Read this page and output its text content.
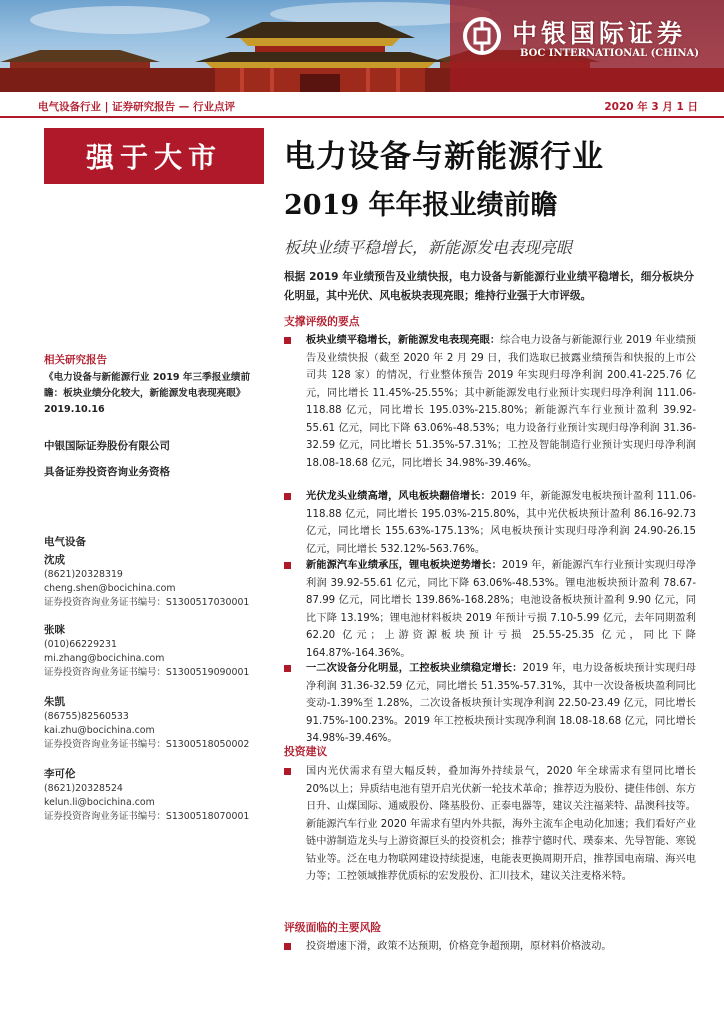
中银国际证券
BOC INTERNATIONAL (CHINA)
电气设备行业 | 证券研究报告 — 行业点评	2020 年 3 月 1 日
强于大市	电力设备与新能源行业
2019 年年报业绩前瞻
板块业绩平稳增长，新能源发电表现亮眼
根据 2019 年业绩预告及业绩快报，电力设备与新能源行业业绩平稳增长，细分板块分化明显，其中光伏、风电板块表现亮眼；维持行业强于大市评级。
相关研究报告
《电力设备与新能源行业 2019 年三季报业绩前瞻：板块业绩分化较大，新能源发电表现亮眼》2019.10.16
中银国际证券股份有限公司
具备证券投资咨询业务资格
电气设备
沈成
(8621)20328319
cheng.shen@bocichina.com
证券投资咨询业务证书编号：S1300517030001
张咪
(010)66229231
mi.zhang@bocichina.com
证券投资咨询业务证书编号：S1300519090001
朱凯
(86755)82560533
kai.zhu@bocichina.com
证券投资咨询业务证书编号：S1300518050002
李可伦
(8621)20328524
kelun.li@bocichina.com
证券投资咨询业务证书编号：S1300518070001
支撑评级的要点
板块业绩平稳增长，新能源发电表现亮眼：综合电力设备与新能源行业 2019 年业绩预告及业绩快报（截至 2020 年 2 月 29 日，我们选取已披露业绩预告和快报的上市公司共 128 家）的情况，行业整体预告 2019 年实现归母净利润 200.41-225.76 亿元，同比增长 11.45%-25.55%；其中新能源发电行业预计实现归母净利润 111.06-118.88 亿元，同比增长 195.03%-215.80%；新能源汽车行业预计盈利 39.92-55.61 亿元，同比下降 63.06%-48.53%；电力设备行业预计实现归母净利润 31.36-32.59 亿元，同比增长 51.35%-57.31%；工控及智能制造行业预计实现归母净利润 18.08-18.68 亿元，同比增长 34.98%-39.46%。
光伏龙头业绩高增，风电板块翻倍增长：2019 年，新能源发电板块预计盈利 111.06-118.88 亿元，同比增长 195.03%-215.80%，其中光伏板块预计盈利 86.16-92.73 亿元，同比增长 155.63%-175.13%；风电板块预计实现归母净利润 24.90-26.15 亿元，同比增长 532.12%-563.76%。
新能源汽车业绩承压，锂电板块逆势增长：2019 年，新能源汽车行业预计实现归母净利润 39.92-55.61 亿元，同比下降 63.06%-48.53%。锂电池板块预计盈利 78.67-87.99 亿元，同比增长 139.86%-168.28%；电池设备板块预计盈利 9.90 亿元，同比下降 13.19%；锂电池材料板块 2019 年预计亏损 7.10-5.99 亿元，去年同期盈利 62.20 亿元；上游资源板块预计亏损 25.55-25.35 亿元，同比下降 164.87%-164.36%。
一二次设备分化明显，工控板块业绩稳定增长：2019 年，电力设备板块预计实现归母净利润 31.36-32.59 亿元，同比增长 51.35%-57.31%，其中一次设备板块盈利同比变动-1.39%至 1.28%，二次设备板块预计实现净利润 22.50-23.49 亿元，同比增长 91.75%-100.23%。2019 年工控板块预计实现净利润 18.08-18.68 亿元，同比增长 34.98%-39.46%。
投资建议
国内光伏需求有望大幅反转，叠加海外持续景气，2020 年全球需求有望同比增长 20%以上；异质结电池有望开启光伏新一轮技术革命；推荐迈为股份、捷佳伟创、东方日升、山煤国际、通威股份、隆基股份、正泰电器等，建议关注福莱特、晶澳科技等。新能源汽车行业 2020 年需求有望内外共振，海外主流车企电动化加速；我们看好产业链中游制造龙头与上游资源巨头的投资机会；推荐宁德时代、璞泰来、先导智能、寒锐钴业等。泛在电力物联网建设持续提速，电能表更换周期开启，推荐国电南瑞、海兴电力等；工控领域推荐优质标的宏发股份、汇川技术，建议关注麦格米特。
评级面临的主要风险
投资增速下滑，政策不达预期，价格竞争超预期，原材料价格波动。
